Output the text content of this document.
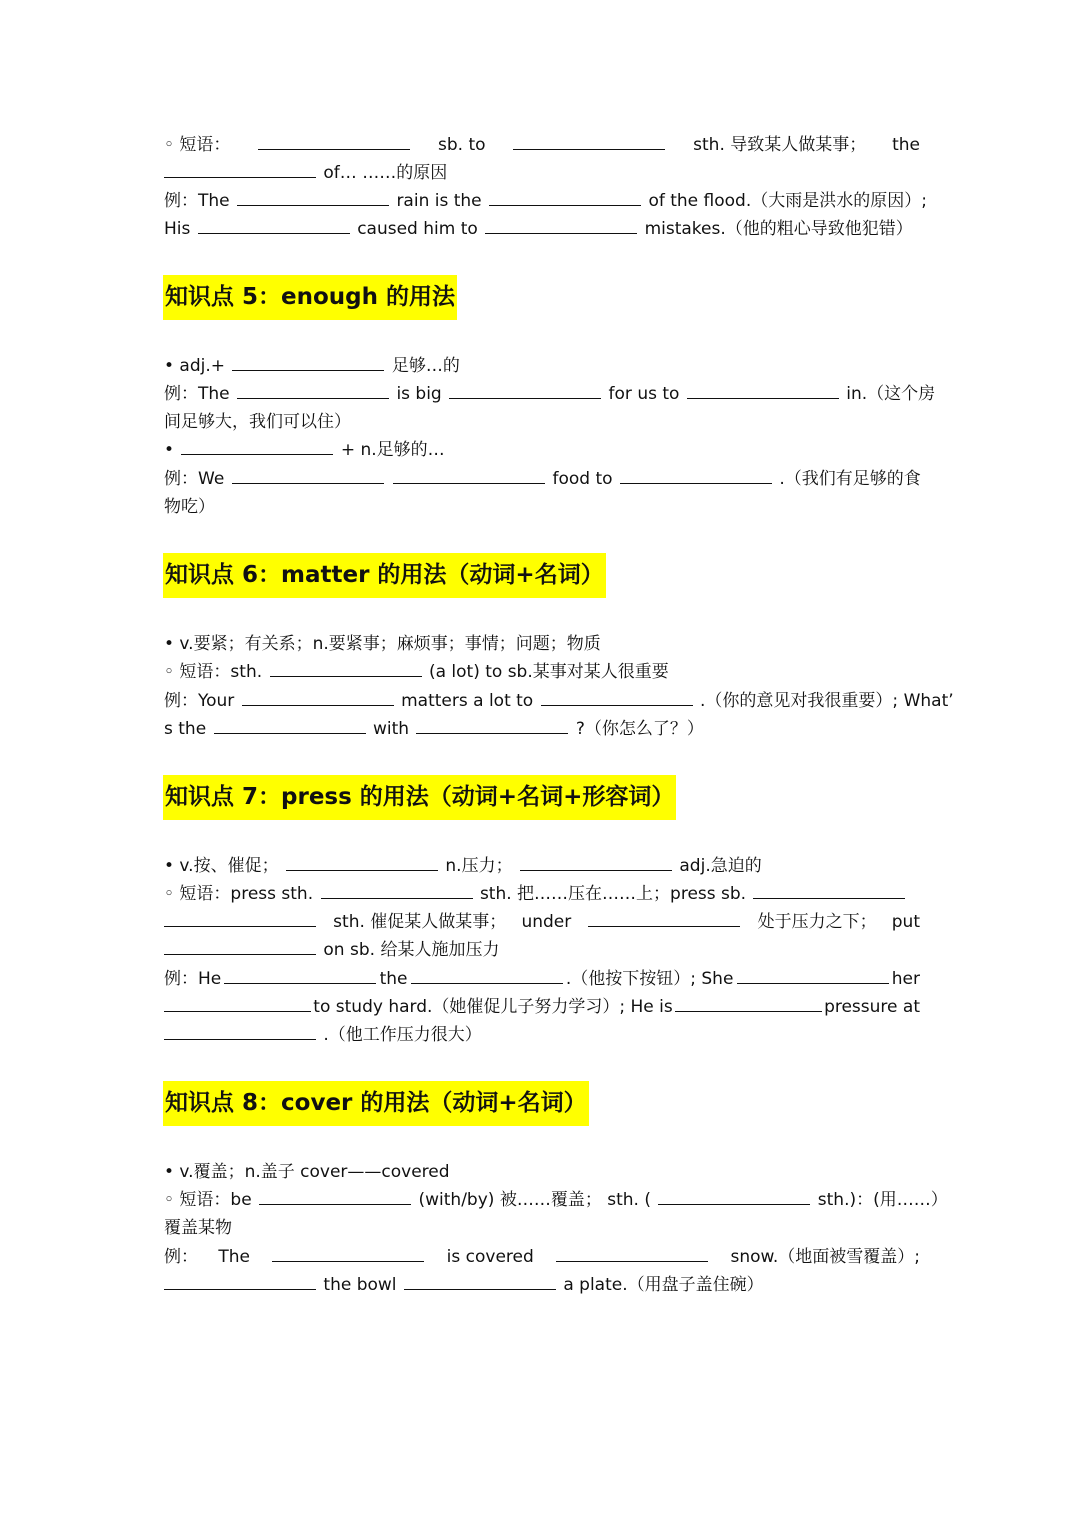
◦ 短语：	sb. to	sth. 导致某人做某事； the
of… ……的原因
例：The	rain is the	of the flood.（大雨是洪水的原因）;
His	caused him to	mistakes.（他的粗心导致他犯错）
知识点 5：enough 的用法
• adj.+	足够…的
例：The	is big	for us to	in.（这个房
间足够大，我们可以住）
•	+ n.足够的…
例：We	food to	.（我们有足够的食
物吃）
知识点 6：matter 的用法（动词+名词）
• v.要紧；有关系；n.要紧事；麻烦事；事情；问题；物质
◦ 短语：sth.	(a lot) to sb.某事对某人很重要
例：Your	matters a lot to	.（你的意见对我很重要）; What’
s the	with	?（你怎么了？）
知识点 7：press 的用法（动词+名词+形容词）
• v.按、催促；	n.压力；	adj.急迫的
◦ 短语：press sth.	sth. 把……压在……上；press sb.
sth. 催促某人做某事； under	处于压力之下； put
on sb. 给某人施加压力
例：He	the	.（他按下按钮）; She	her
to study hard.（她催促儿子努力学习）; He is	pressure at
.（他工作压力很大）
知识点 8：cover 的用法（动词+名词）
• v.覆盖；n.盖子 cover——covered
◦ 短语：be	(with/by) 被……覆盖； sth. (	sth.)：(用……）
覆盖某物
例： The	is covered	snow.（地面被雪覆盖）;
the bowl	a plate.（用盘子盖住碗）
